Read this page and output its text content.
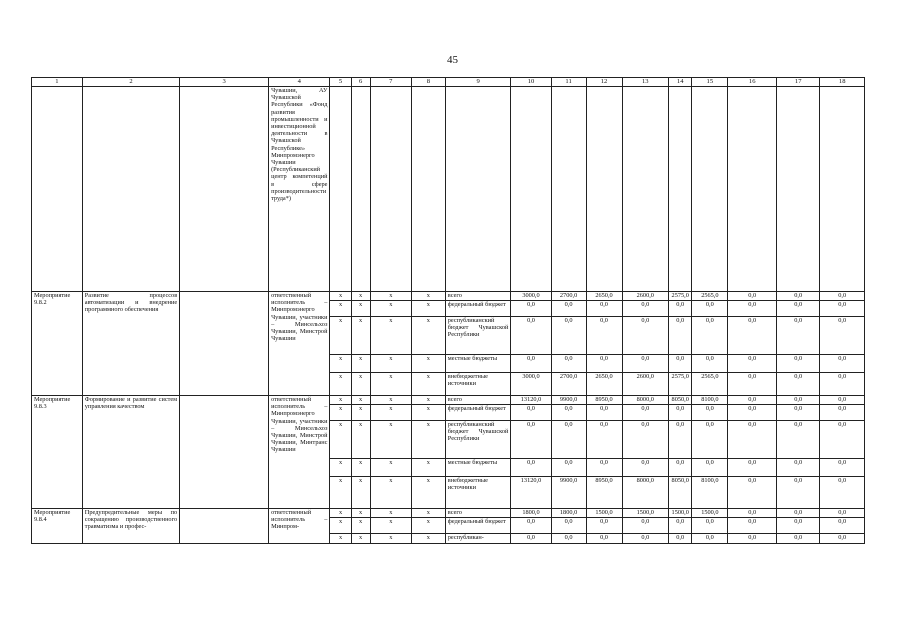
45
1	2	3	4	5	6	7	8	9	10	11	12	13	14	15	16	17	18
			Чувашии, АУ Чувашской Республики «Фонд развития промышленности и инвестиционной деятельности в Чувашской Республике» Минпромэнерго Чувашии (Республиканский центр компетенций в сфере производительности труда*)														
Мероприятие 9.8.2	Развитие процессов автоматизации и внедрение программного обеспечения		ответственный исполнитель – Минпромэнерго Чувашии, участники – Минсельхоз Чувашии, Минстрой Чувашии	x	x	x	x	всего	3000,0	2700,0	2650,0	2600,0	2575,0	2565,0	0,0	0,0	0,0
				x	x	x	x	федеральный бюджет	0,0	0,0	0,0	0,0	0,0	0,0	0,0	0,0	0,0
				x	x	x	x	республиканский бюджет Чувашской Республики	0,0	0,0	0,0	0,0	0,0	0,0	0,0	0,0	0,0
				x	x	x	x	местные бюджеты	0,0	0,0	0,0	0,0	0,0	0,0	0,0	0,0	0,0
				x	x	x	x	внебюджетные источники	3000,0	2700,0	2650,0	2600,0	2575,0	2565,0	0,0	0,0	0,0
Мероприятие 9.8.3	Формирование и развитие систем управления качеством		ответственный исполнитель – Минпромэнерго Чувашии, участники – Минсельхоз Чувашии, Минстрой Чувашии, Минтранс Чувашии	x	x	x	x	всего	13120,0	9900,0	8950,0	8000,0	8050,0	8100,0	0,0	0,0	0,0
				x	x	x	x	федеральный бюджет	0,0	0,0	0,0	0,0	0,0	0,0	0,0	0,0	0,0
				x	x	x	x	республиканский бюджет Чувашской Республики	0,0	0,0	0,0	0,0	0,0	0,0	0,0	0,0	0,0
				x	x	x	x	местные бюджеты	0,0	0,0	0,0	0,0	0,0	0,0	0,0	0,0	0,0
				x	x	x	x	внебюджетные источники	13120,0	9900,0	8950,0	8000,0	8050,0	8100,0	0,0	0,0	0,0
Мероприятие 9.8.4	Предупредительные меры по сокращению производственного травматизма и профес-		ответственный исполнитель – Минпром-	x	x	x	x	всего	1800,0	1800,0	1500,0	1500,0	1500,0	1500,0	0,0	0,0	0,0
				x	x	x	x	федеральный бюджет	0,0	0,0	0,0	0,0	0,0	0,0	0,0	0,0	0,0
				x	x	x	x	республикан-	0,0	0,0	0,0	0,0	0,0	0,0	0,0	0,0	0,0
